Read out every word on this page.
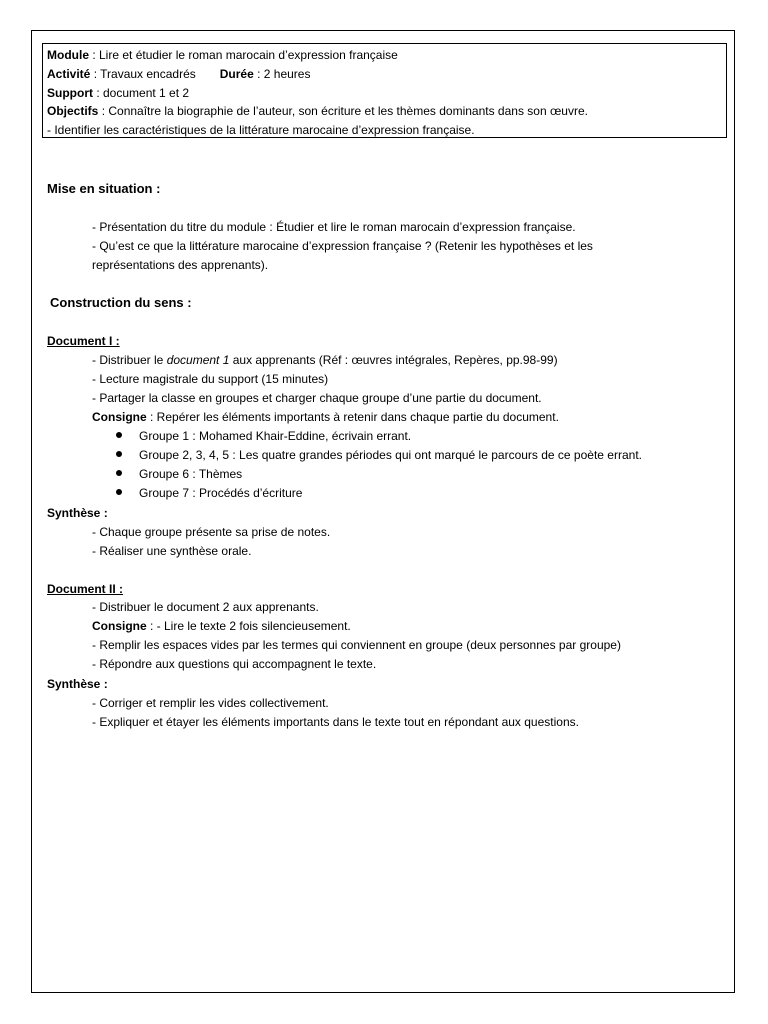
Module : Lire et étudier le roman marocain d’expression française
Activité : Travaux encadrés Durée : 2 heures
Support : document 1 et 2
Objectifs : Connaître la biographie de l’auteur, son écriture et les thèmes dominants dans son œuvre.
- Identifier les caractéristiques de la littérature marocaine d’expression française.
Mise en situation :
- Présentation du titre du module : Étudier et lire le roman marocain d’expression française.
- Qu’est ce que la littérature marocaine d’expression française ? (Retenir les hypothèses et les
représentations des apprenants).
Construction du sens :
Document I :
- Distribuer le document 1 aux apprenants (Réf : œuvres intégrales, Repères, pp.98-99)
- Lecture magistrale du support (15 minutes)
- Partager la classe en groupes et charger chaque groupe d’une partie du document.
Consigne : Repérer les éléments importants à retenir dans chaque partie du document.
Groupe 1 : Mohamed Khair-Eddine, écrivain errant.
Groupe 2, 3, 4, 5 : Les quatre grandes périodes qui ont marqué le parcours de ce poète errant.
Groupe 6 : Thèmes
Groupe 7 : Procédés d’écriture
Synthèse :
- Chaque groupe présente sa prise de notes.
- Réaliser une synthèse orale.
Document II :
- Distribuer le document 2 aux apprenants.
Consigne : - Lire le texte 2 fois silencieusement.
- Remplir les espaces vides par les termes qui conviennent en groupe (deux personnes par groupe)
- Répondre aux questions qui accompagnent le texte.
Synthèse :
- Corriger et remplir les vides collectivement.
- Expliquer et étayer les éléments importants dans le texte tout en répondant aux questions.
